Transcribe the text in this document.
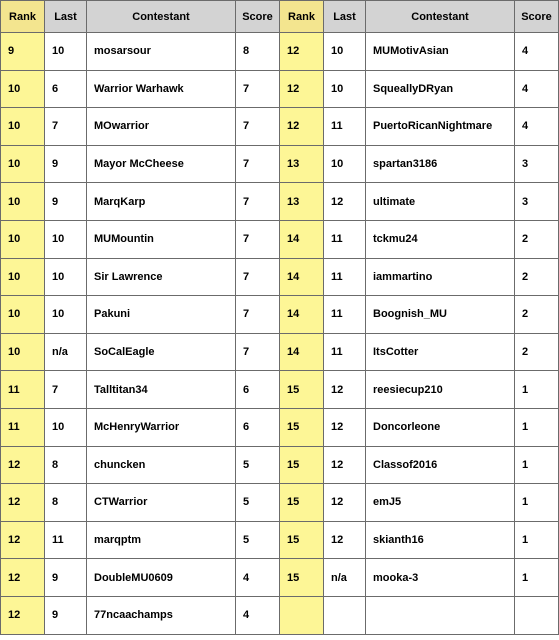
Rank	Last	Contestant	Score	Rank	Last	Contestant	Score
9	10	mosarsour	8	12	10	MUMotivAsian	4
10	6	Warrior Warhawk	7	12	10	SqueallyDRyan	4
10	7	MOwarrior	7	12	11	PuertoRicanNightmare	4
10	9	Mayor McCheese	7	13	10	spartan3186	3
10	9	MarqKarp	7	13	12	ultimate	3
10	10	MUMountin	7	14	11	tckmu24	2
10	10	Sir Lawrence	7	14	11	iammartino	2
10	10	Pakuni	7	14	11	Boognish_MU	2
10	n/a	SoCalEagle	7	14	11	ItsCotter	2
11	7	Talltitan34	6	15	12	reesiecup210	1
11	10	McHenryWarrior	6	15	12	Doncorleone	1
12	8	chuncken	5	15	12	Classof2016	1
12	8	CTWarrior	5	15	12	emJ5	1
12	11	marqptm	5	15	12	skianth16	1
12	9	DoubleMU0609	4	15	n/a	mooka-3	1
12	9	77ncaachamps	4				
